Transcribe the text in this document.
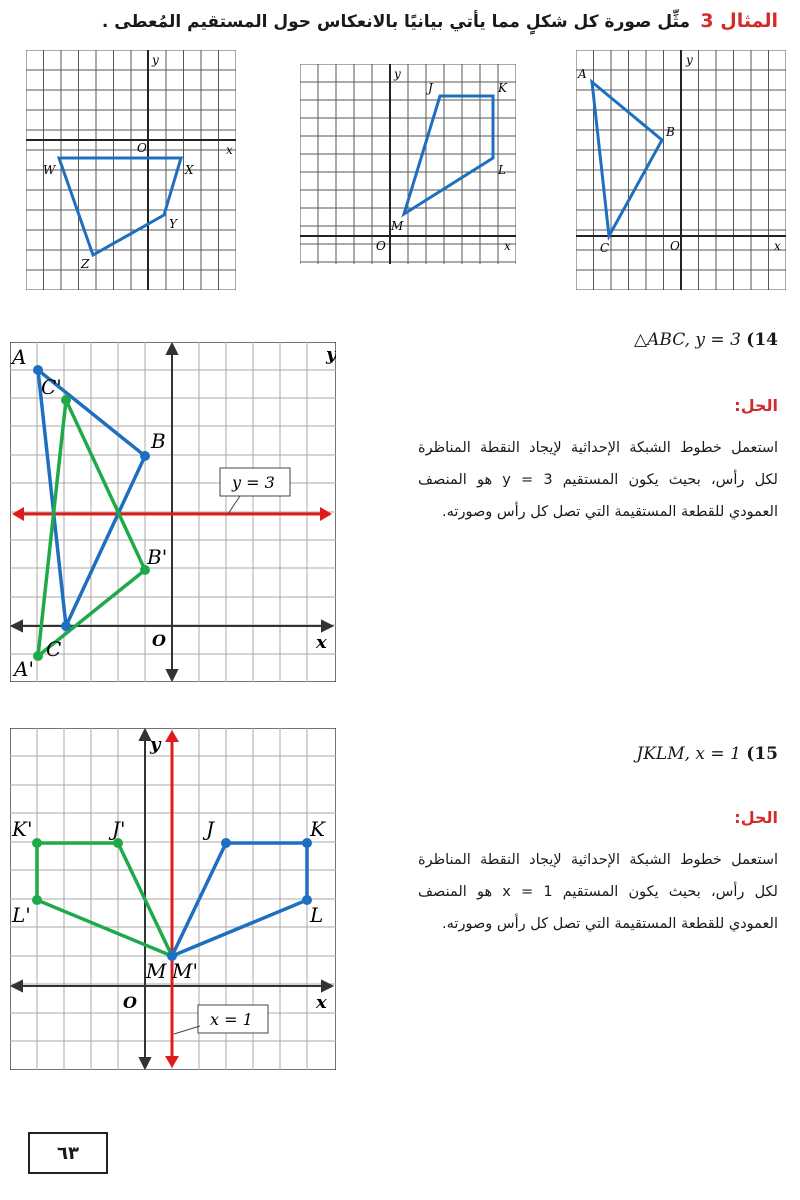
المثال 3
مثِّل صورة كل شكلٍ مما يأتي بيانيًا بالانعكاس حول المستقيم المُعطى .
y
x
O
W	X
Y
Z
y
x
O
J	K
L
M
y
x
O
A
B
C
y = 3
y
x
O
A
B
C
A'
B'
C'
△ABC, y = 3 (14
الحل:
استعمل خطوط الشبكة الإحداثية لإيجاد النقطة المناظرة لكل رأس، بحيث يكون المستقيم y = 3 هو المنصف العمودي للقطعة المستقيمة التي تصل كل رأس وصورته.
x = 1
y
x
O
J	K
L
M
J'
K'
L'
M'
JKLM, x = 1 (15
الحل:
استعمل خطوط الشبكة الإحداثية لإيجاد النقطة المناظرة لكل رأس، بحيث يكون المستقيم x = 1 هو المنصف العمودي للقطعة المستقيمة التي تصل كل رأس وصورته.
٦٣
